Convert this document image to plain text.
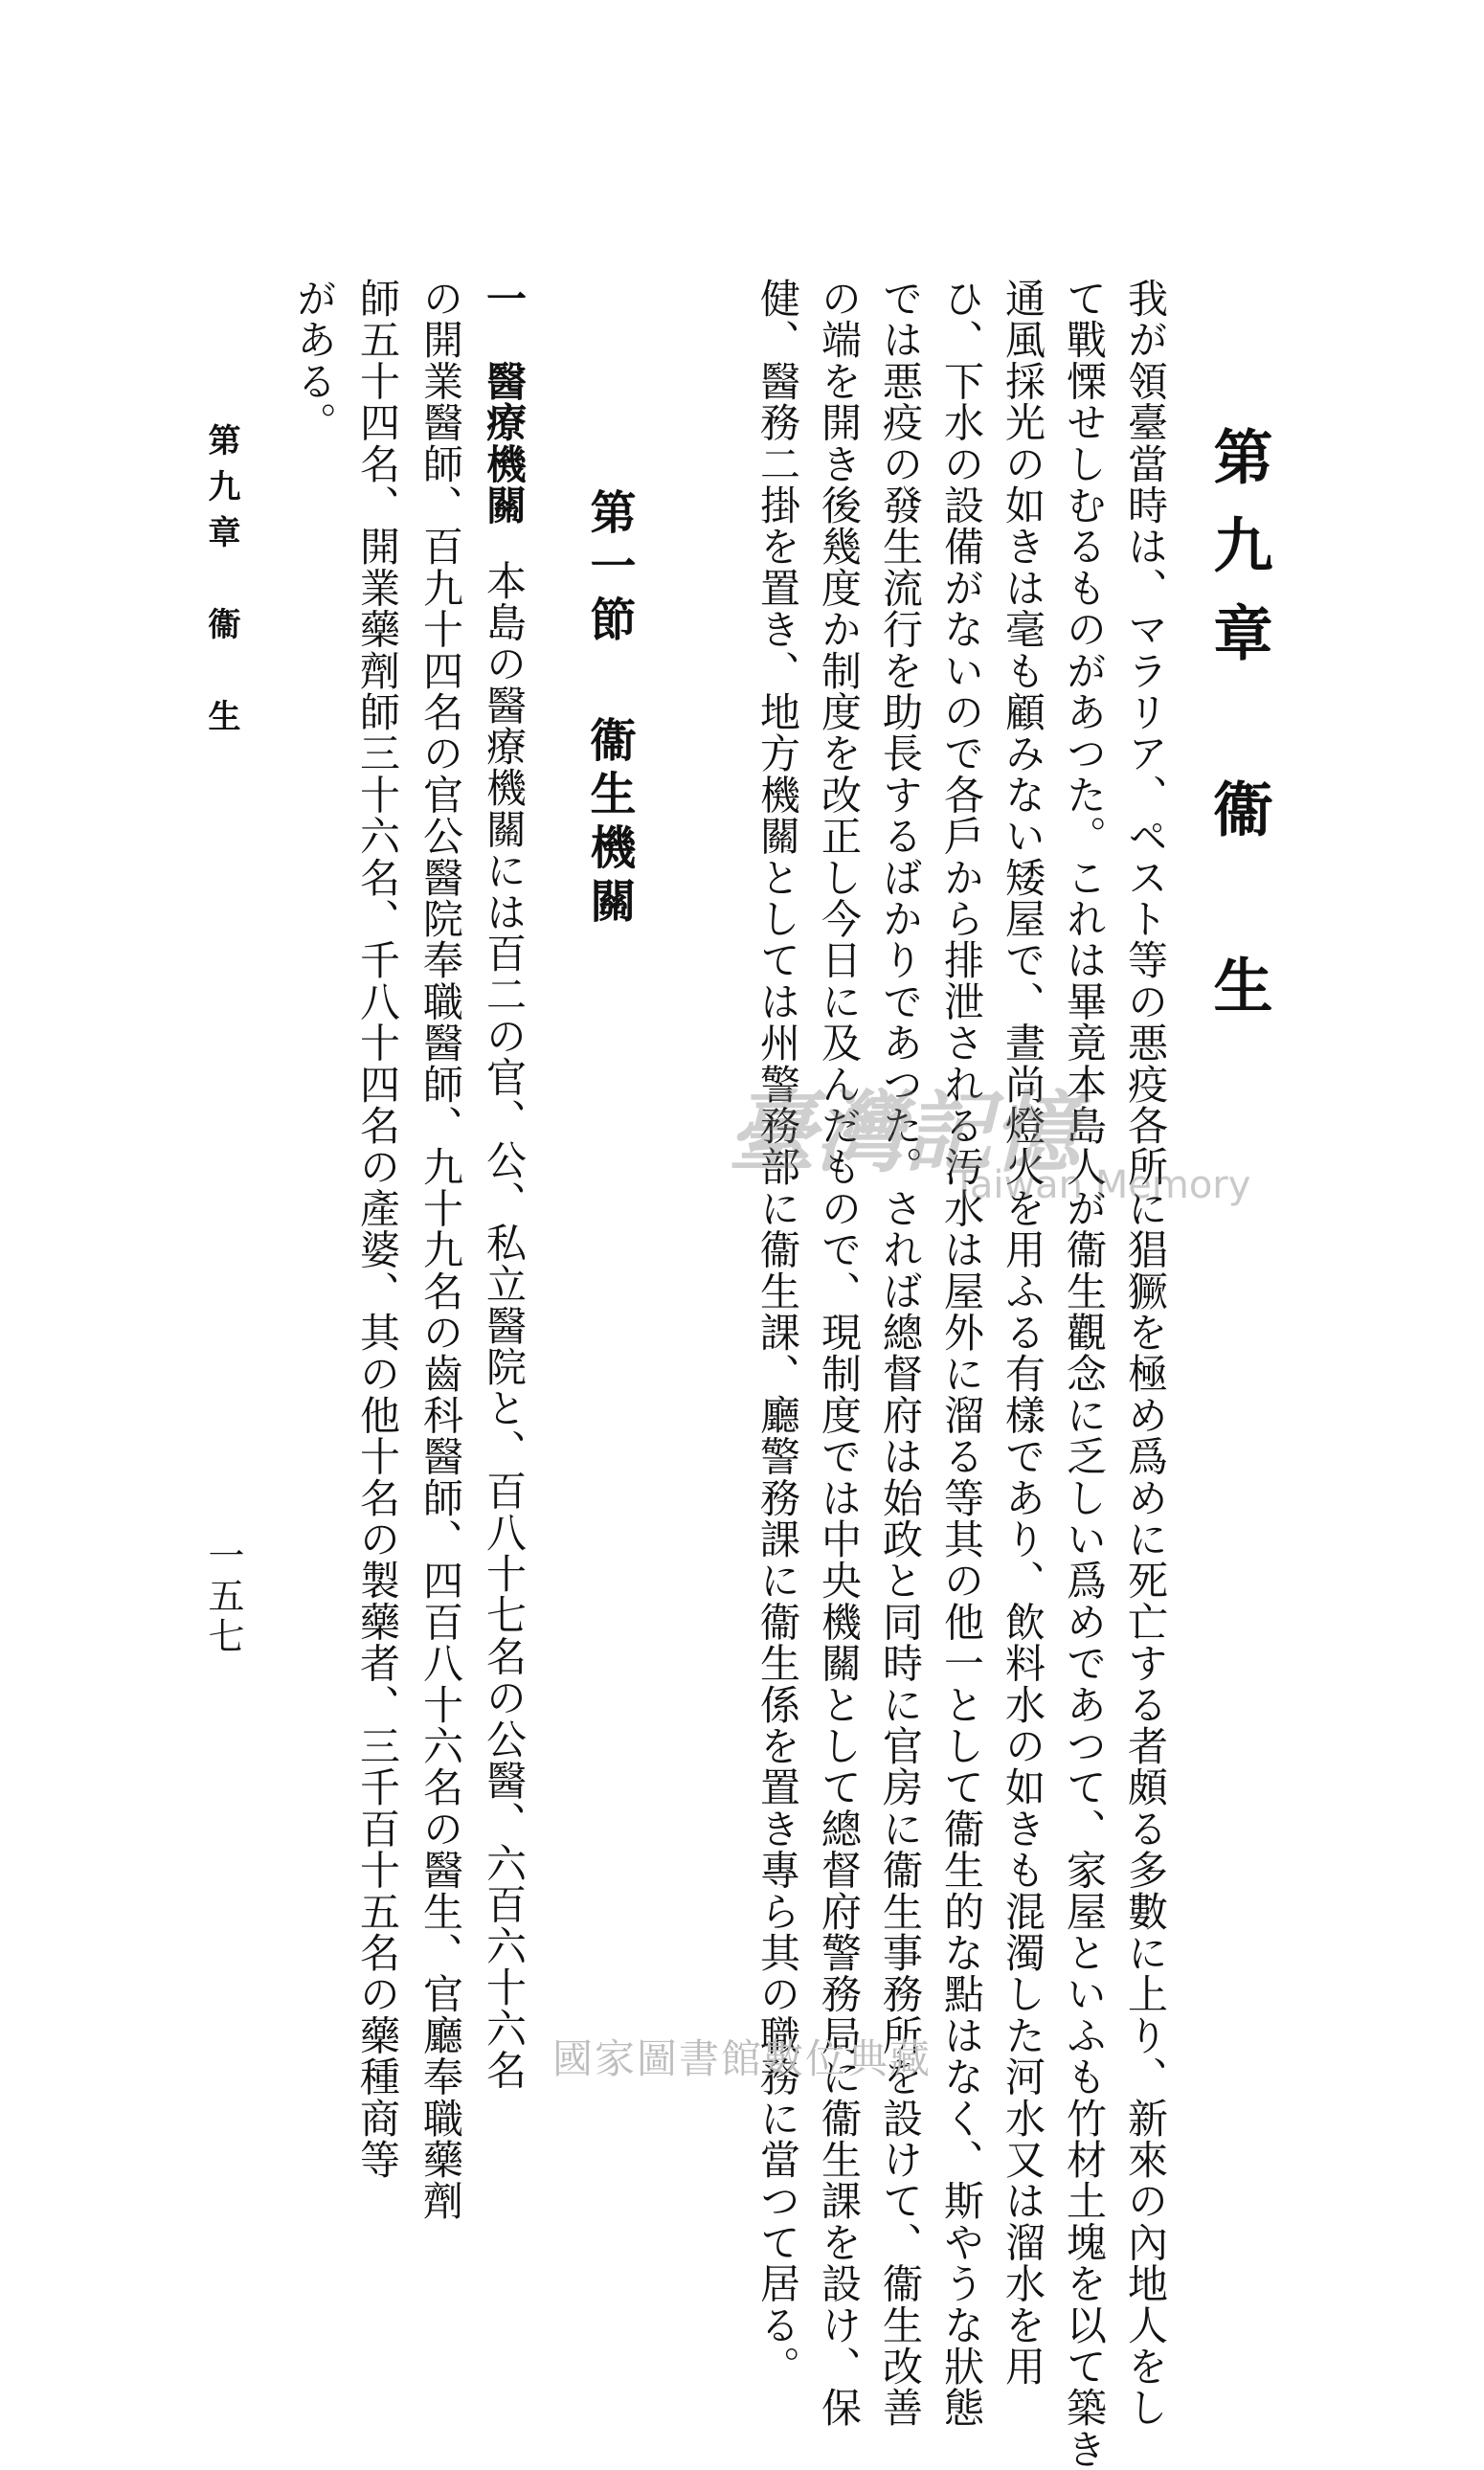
第九章　衞　生

我が領臺當時は、マラリア、ペスト等の悪疫各所に猖獗を極め爲めに死亡する者頗る多數に上り、新來の內地人をし

て戰慄せしむるものがあつた。これは畢竟本島人が衞生觀念に乏しい爲めであつて、家屋といふも竹材土塊を以て築き

通風採光の如きは毫も顧みない矮屋で、晝尚燈火を用ふる有樣であり、飲料水の如きも混濁した河水又は溜水を用

ひ、下水の設備がないので各戶から排泄される汚水は屋外に溜る等其の他一として衞生的な點はなく、斯やうな狀態

では悪疫の發生流行を助長するばかりであつた。されば總督府は始政と同時に官房に衞生事務所を設けて、衞生改善

の端を開き後幾度か制度を改正し今日に及んだもので、現制度では中央機關として總督府警務局に衞生課を設け、保

健、醫務二掛を置き、地方機關としては州警務部に衞生課、廳警務課に衞生係を置き專ら其の職務に當つて居る。

第一節衞生機關
一　醫療機關本島の醫療機關には百二の官、公、私立醫院と、百八十七名の公醫、六百六十六名
の開業醫師、百九十四名の官公醫院奉職醫師、九十九名の齒科醫師、四百八十六名の醫生、官廳奉職藥劑
師五十四名、開業藥劑師三十六名、千八十四名の產婆、其の他十名の製藥者、三千百十五名の藥種商等
がある。
第九章　衞　生
一五七
臺灣記憶
Taiwan Memory
國家圖書館數位典藏
